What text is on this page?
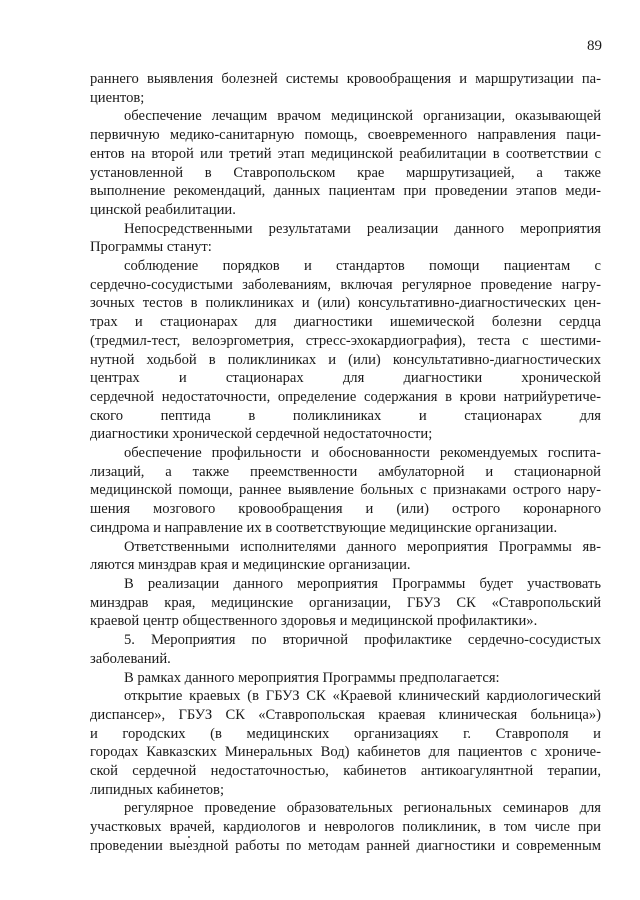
89

раннего выявления болезней системы кровообращения и маршрутизации па-

циентов;

обеспечение лечащим врачом медицинской организации, оказывающей

первичную медико-санитарную помощь, своевременного направления паци-

ентов на второй или третий этап медицинской реабилитации в соответствии с

установленной в Ставропольском крае маршрутизацией, а также

выполнение рекомендаций, данных пациентам при проведении этапов меди-

цинской реабилитации.

Непосредственными результатами реализации данного мероприятия

Программы станут:

соблюдение порядков и стандартов помощи пациентам с

сердечно-сосудистыми заболеваниям, включая регулярное проведение нагру-

зочных тестов в поликлиниках и (или) консультативно-диагностических цен-

трах и стационарах для диагностики ишемической болезни сердца

(тредмил-тест, велоэргометрия, стресс-эхокардиография), теста с шестими-

нутной ходьбой в поликлиниках и (или) консультативно-диагностических

центрах и стационарах для диагностики хронической

сердечной недостаточности, определение содержания в крови натрийуретиче-

ского пептида в поликлиниках и стационарах для

диагностики хронической сердечной недостаточности;

обеспечение профильности и обоснованности рекомендуемых госпита-

лизаций, а также преемственности амбулаторной и стационарной

медицинской помощи, раннее выявление больных с признаками острого нару-

шения мозгового кровообращения и (или) острого коронарного

синдрома и направление их в соответствующие медицинские организации.

Ответственными исполнителями данного мероприятия Программы яв-

ляются минздрав края и медицинские организации.

В реализации данного мероприятия Программы будет участвовать

минздрав края, медицинские организации, ГБУЗ СК «Ставропольский

краевой центр общественного здоровья и медицинской профилактики».

5. Мероприятия по вторичной профилактике сердечно-сосудистых

заболеваний.

В рамках данного мероприятия Программы предполагается:

открытие краевых (в ГБУЗ СК «Краевой клинический кардиологический

диспансер», ГБУЗ СК «Ставропольская краевая клиническая больница»)

и городских (в медицинских организациях г. Ставрополя и

городах Кавказских Минеральных Вод) кабинетов для пациентов с хрониче-

ской сердечной недостаточностью, кабинетов антикоагулянтной терапии,

липидных кабинетов;

регулярное проведение образовательных региональных семинаров для

участковых врачей, кардиологов и неврологов поликлиник, в том числе при

проведении выездной работы по методам ранней диагностики и современным
